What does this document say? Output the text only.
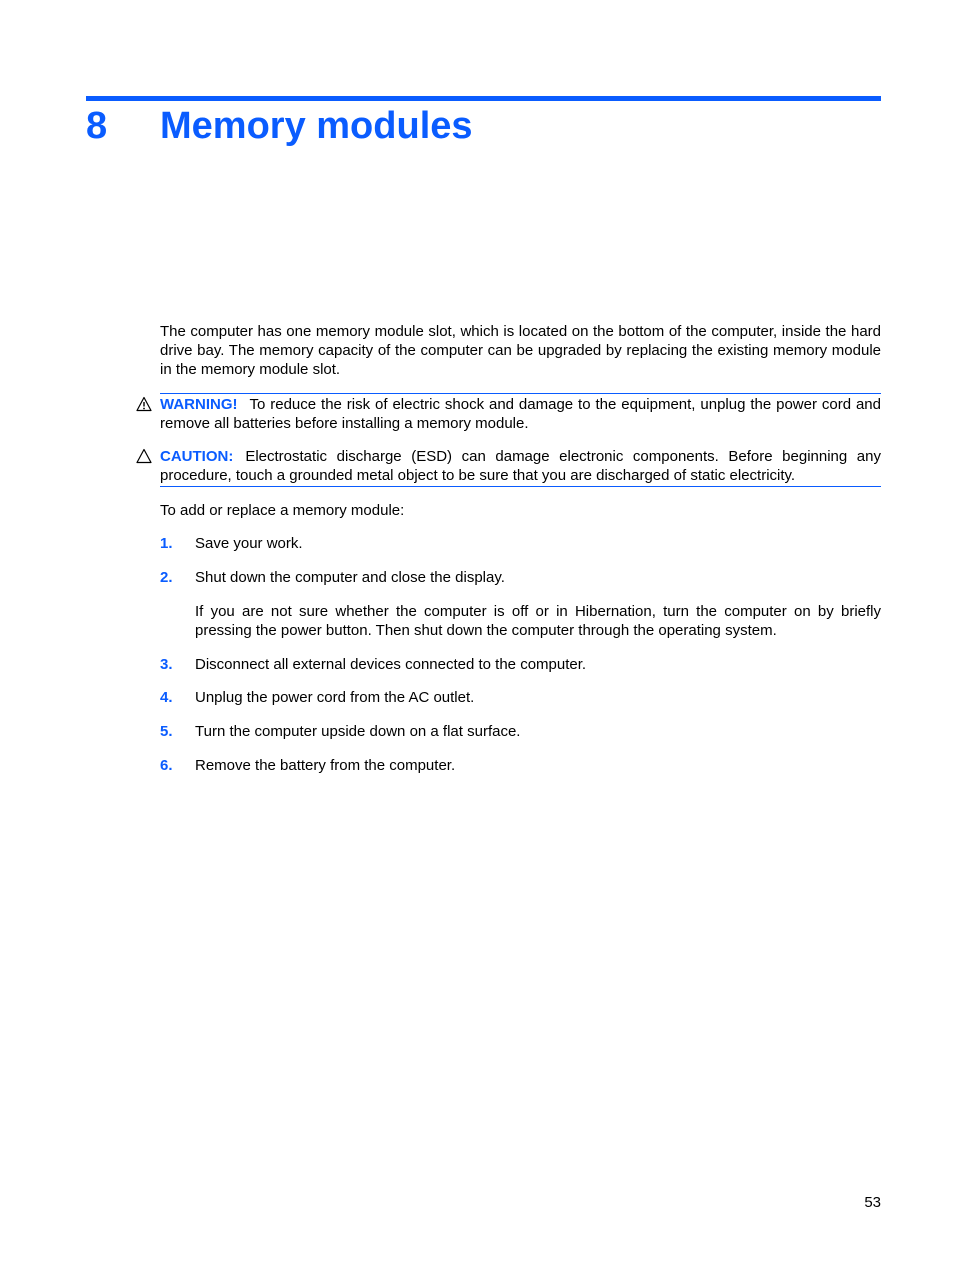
8 Memory modules

The computer has one memory module slot, which is located on the bottom of the computer, inside the hard drive bay. The memory capacity of the computer can be upgraded by replacing the existing memory module in the memory module slot.

WARNING! To reduce the risk of electric shock and damage to the equipment, unplug the power cord and remove all batteries before installing a memory module.
CAUTION: Electrostatic discharge (ESD) can damage electronic components. Before beginning any procedure, touch a grounded metal object to be sure that you are discharged of static electricity.

To add or replace a memory module:

1. Save your work.
2. Shut down the computer and close the display.

If you are not sure whether the computer is off or in Hibernation, turn the computer on by briefly pressing the power button. Then shut down the computer through the operating system.

3. Disconnect all external devices connected to the computer.
4. Unplug the power cord from the AC outlet.
5. Turn the computer upside down on a flat surface.
6. Remove the battery from the computer.
53
